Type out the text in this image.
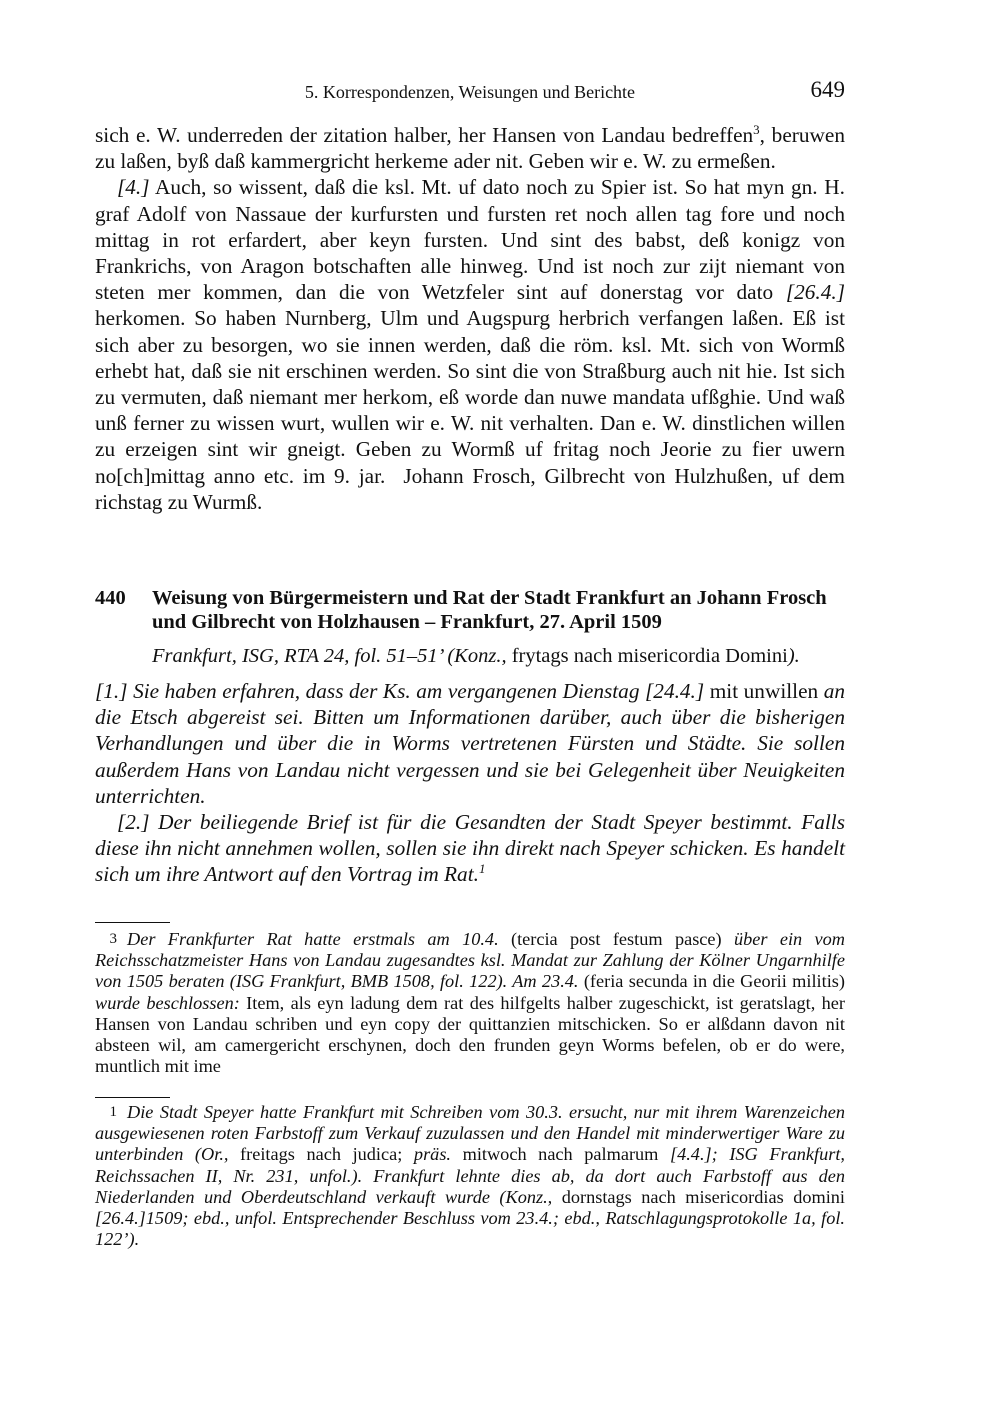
5. Korrespondenzen, Weisungen und Berichte	649

sich e. W. underreden der zitation halber, her Hansen von Landau bedreffen$^3$, beruwen zu laßen, byß daß kammergricht herkeme ader nit. Geben wir e. W. zu ermeßen.

[4.] Auch, so wissent, daß die ksl. Mt. uf dato noch zu Spier ist. So hat myn gn. H. graf Adolf von Nassaue der kurfursten und fursten ret noch allen tag fore und noch mittag in rot erfardert, aber keyn fursten. Und sint des babst, deß konigz von Frankrichs, von Aragon botschaften alle hinweg. Und ist noch zur zijt niemant von steten mer kommen, dan die von Wetzfeler sint auf donerstag vor dato [26.4.] herkomen. So haben Nurnberg, Ulm und Augspurg herbrich verfangen laßen. Eß ist sich aber zu besorgen, wo sie innen werden, daß die röm. ksl. Mt. sich von Wormß erhebt hat, daß sie nit erschinen werden. So sint die von Straßburg auch nit hie. Ist sich zu vermuten, daß niemant mer herkom, eß worde dan nuwe mandata ufßghie. Und waß unß ferner zu wissen wurt, wullen wir e. W. nit verhalten. Dan e. W. dinstlichen willen zu erzeigen sint wir gneigt. Geben zu Wormß uf fritag noch Jeorie zu fier uwern no[ch]mittag anno etc. im 9. jar. Johann Frosch, Gilbrecht von Hulzhußen, uf dem richstag zu Wurmß.

440 Weisung von Bürgermeistern und Rat der Stadt Frankfurt an Johann Frosch und Gilbrecht von Holzhausen – Frankfurt, 27. April 1509
Frankfurt, ISG, RTA 24, fol. 51–51’ (Konz., frytags nach misericordia Domini).

[1.] Sie haben erfahren, dass der Ks. am vergangenen Dienstag [24.4.] mit unwillen an die Etsch abgereist sei. Bitten um Informationen darüber, auch über die bisherigen Verhandlungen und über die in Worms vertretenen Fürsten und Städte. Sie sollen außerdem Hans von Landau nicht vergessen und sie bei Gelegenheit über Neuigkeiten unterrichten.

[2.] Der beiliegende Brief ist für die Gesandten der Stadt Speyer bestimmt. Falls diese ihn nicht annehmen wollen, sollen sie ihn direkt nach Speyer schicken. Es handelt sich um ihre Antwort auf den Vortrag im Rat.$^1$

3 Der Frankfurter Rat hatte erstmals am 10.4. (tercia post festum pasce) über ein vom Reichsschatzmeister Hans von Landau zugesandtes ksl. Mandat zur Zahlung der Kölner Ungarnhilfe von 1505 beraten (ISG Frankfurt, BMB 1508, fol. 122). Am 23.4. (feria secunda in die Georii militis) wurde beschlossen: Item, als eyn ladung dem rat des hilfgelts halber zugeschickt, ist geratslagt, her Hansen von Landau schriben und eyn copy der quittanzien mitschicken. So er alßdann davon nit absteen wil, am camergericht erschynen, doch den frunden geyn Worms befelen, ob er do were, muntlich mit ime
1 Die Stadt Speyer hatte Frankfurt mit Schreiben vom 30.3. ersucht, nur mit ihrem Warenzeichen ausgewiesenen roten Farbstoff zum Verkauf zuzulassen und den Handel mit minderwertiger Ware zu unterbinden (Or., freitags nach judica; präs. mitwoch nach palmarum [4.4.]; ISG Frankfurt, Reichssachen II, Nr. 231, unfol.). Frankfurt lehnte dies ab, da dort auch Farbstoff aus den Niederlanden und Oberdeutschland verkauft wurde (Konz., dornstags nach misericordias domini [26.4.]1509; ebd., unfol. Entsprechender Beschluss vom 23.4.; ebd., Ratschlagungsprotokolle 1a, fol. 122’).
